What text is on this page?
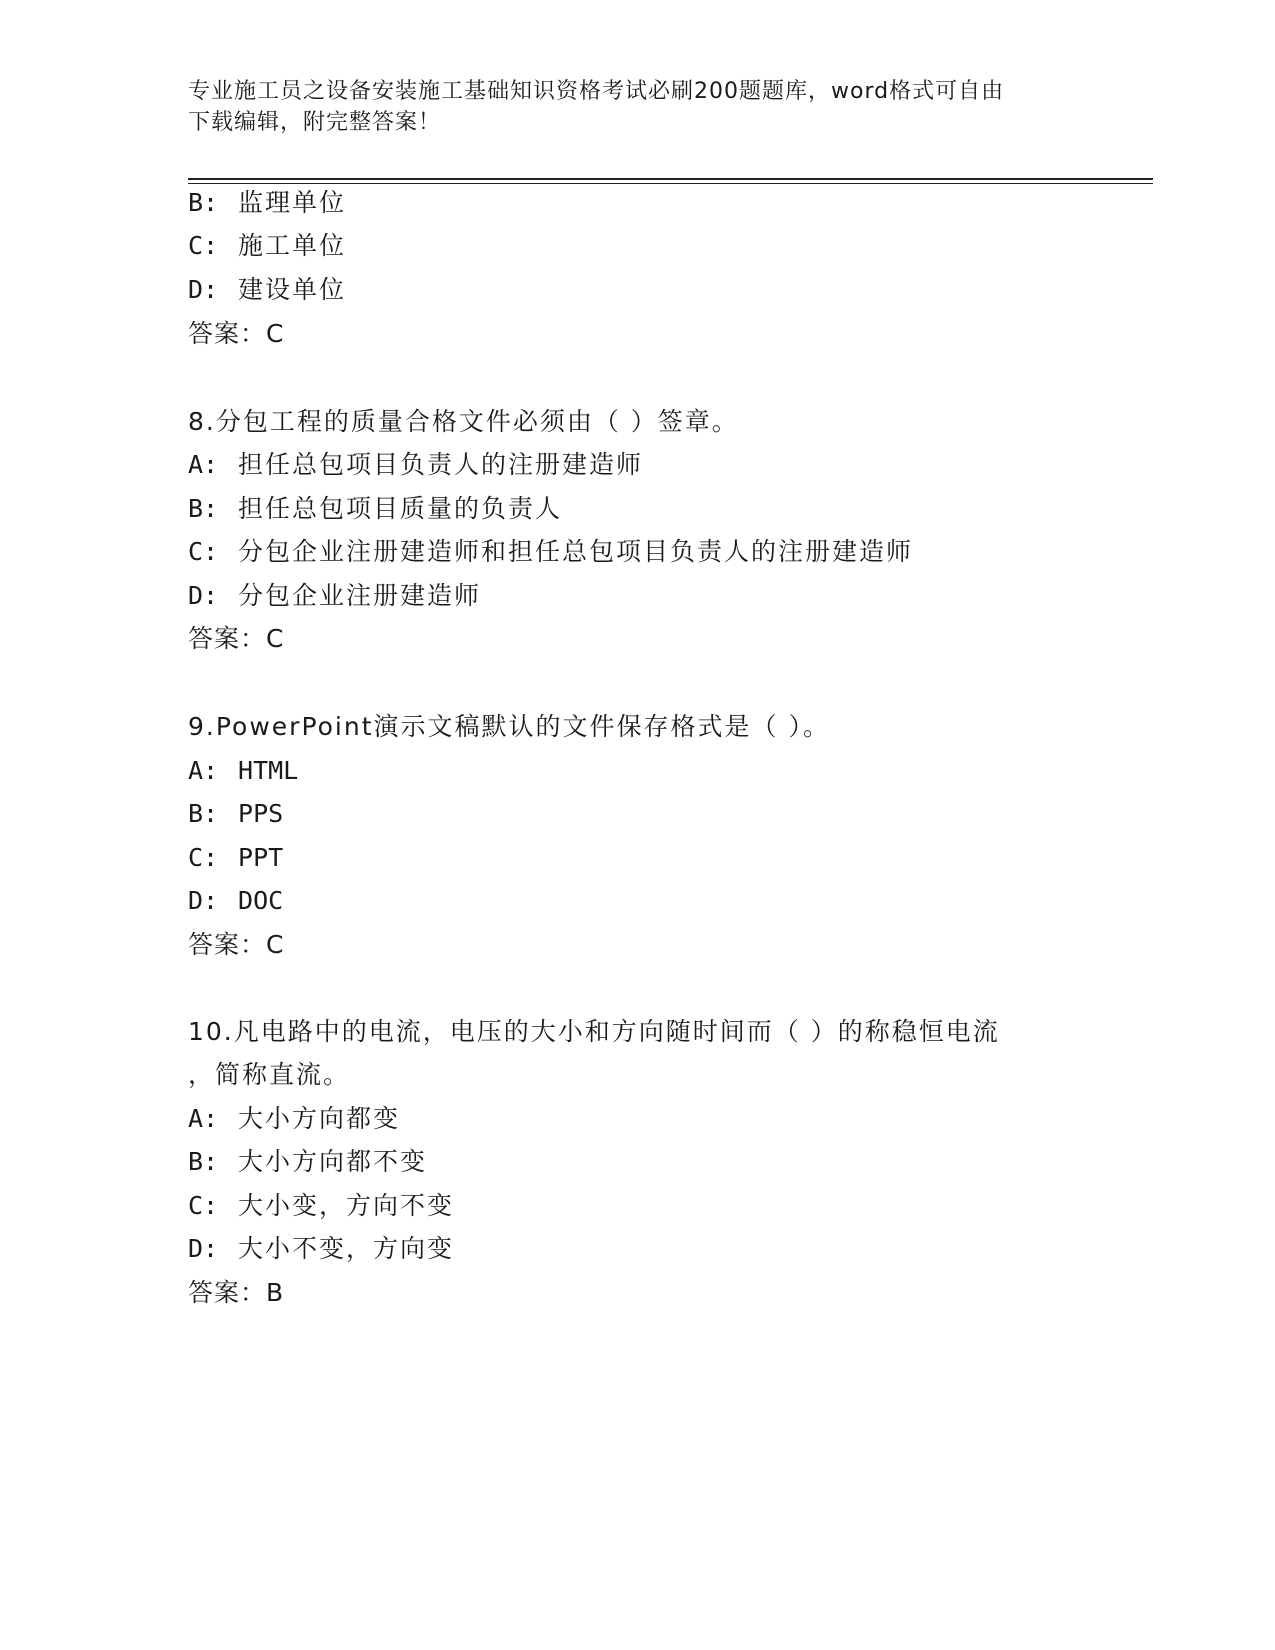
专业施工员之设备安装施工基础知识资格考试必刷200题题库，word格式可自由
下载编辑，附完整答案！
B: 监理单位
C: 施工单位
D: 建设单位
答案：C
8.分包工程的质量合格文件必须由（ ）签章。
A: 担任总包项目负责人的注册建造师
B: 担任总包项目质量的负责人
C: 分包企业注册建造师和担任总包项目负责人的注册建造师
D: 分包企业注册建造师
答案：C
9.PowerPoint演示文稿默认的文件保存格式是（ ）。
A: HTML
B: PPS
C: PPT
D: DOC
答案：C
10.凡电路中的电流，电压的大小和方向随时间而（ ）的称稳恒电流
，简称直流。
A: 大小方向都变
B: 大小方向都不变
C: 大小变，方向不变
D: 大小不变，方向变
答案：B
